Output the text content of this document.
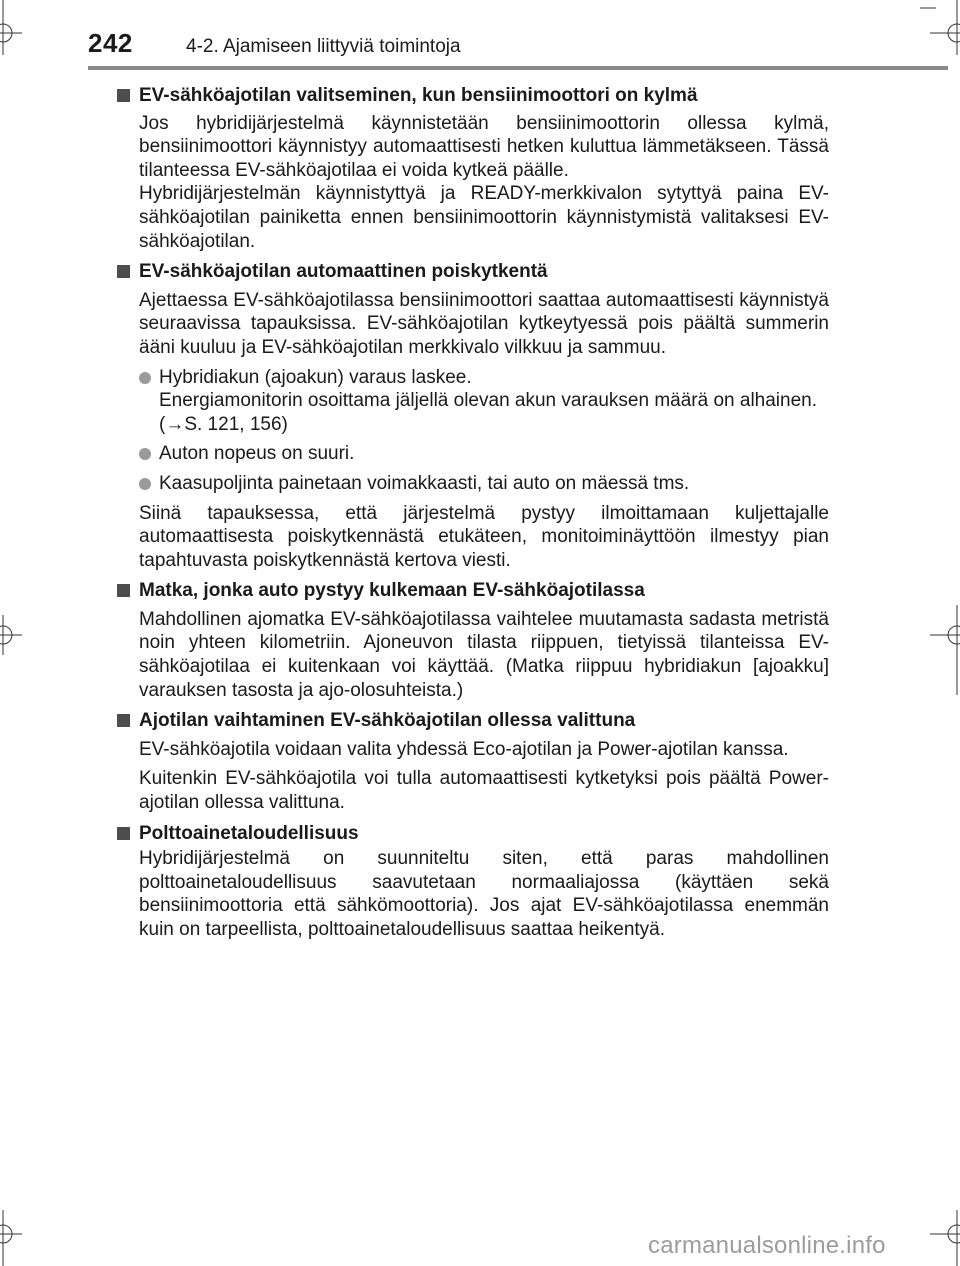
242	4-2. Ajamiseen liittyviä toimintoja
EV-sähköajotilan valitseminen, kun bensiinimoottori on kylmä
Jos hybridijärjestelmä käynnistetään bensiinimoottorin ollessa kylmä, bensiinimoottori käynnistyy automaattisesti hetken kuluttua lämmetäkseen. Tässä tilanteessa EV-sähköajotilaa ei voida kytkeä päälle.
Hybridijärjestelmän käynnistyttyä ja READY-merkkivalon sytyttyä paina EV-sähköajotilan painiketta ennen bensiinimoottorin käynnistymistä valitaksesi EV-sähköajotilan.
EV-sähköajotilan automaattinen poiskytkentä
Ajettaessa EV-sähköajotilassa bensiinimoottori saattaa automaattisesti käynnistyä seuraavissa tapauksissa. EV-sähköajotilan kytkeytyessä pois päältä summerin ääni kuuluu ja EV-sähköajotilan merkkivalo vilkkuu ja sammuu.
Hybridiakun (ajoakun) varaus laskee.
Energiamonitorin osoittama jäljellä olevan akun varauksen määrä on alhainen.
(→S. 121, 156)
Auton nopeus on suuri.
Kaasupoljinta painetaan voimakkaasti, tai auto on mäessä tms.
Siinä tapauksessa, että järjestelmä pystyy ilmoittamaan kuljettajalle automaattisesta poiskytkennästä etukäteen, monitoiminäyttöön ilmestyy pian tapahtuvasta poiskytkennästä kertova viesti.
Matka, jonka auto pystyy kulkemaan EV-sähköajotilassa
Mahdollinen ajomatka EV-sähköajotilassa vaihtelee muutamasta sadasta metristä noin yhteen kilometriin. Ajoneuvon tilasta riippuen, tietyissä tilanteissa EV-sähköajotilaa ei kuitenkaan voi käyttää. (Matka riippuu hybridiakun [ajoakku] varauksen tasosta ja ajo-olosuhteista.)
Ajotilan vaihtaminen EV-sähköajotilan ollessa valittuna
EV-sähköajotila voidaan valita yhdessä Eco-ajotilan ja Power-ajotilan kanssa.
Kuitenkin EV-sähköajotila voi tulla automaattisesti kytketyksi pois päältä Power-ajotilan ollessa valittuna.
Polttoainetaloudellisuus
Hybridijärjestelmä on suunniteltu siten, että paras mahdollinen polttoainetaloudellisuus saavutetaan normaaliajossa (käyttäen sekä bensiinimoottoria että sähkömoottoria). Jos ajat EV-sähköajotilassa enemmän kuin on tarpeellista, polttoainetaloudellisuus saattaa heikentyä.
carmanualsonline.info
